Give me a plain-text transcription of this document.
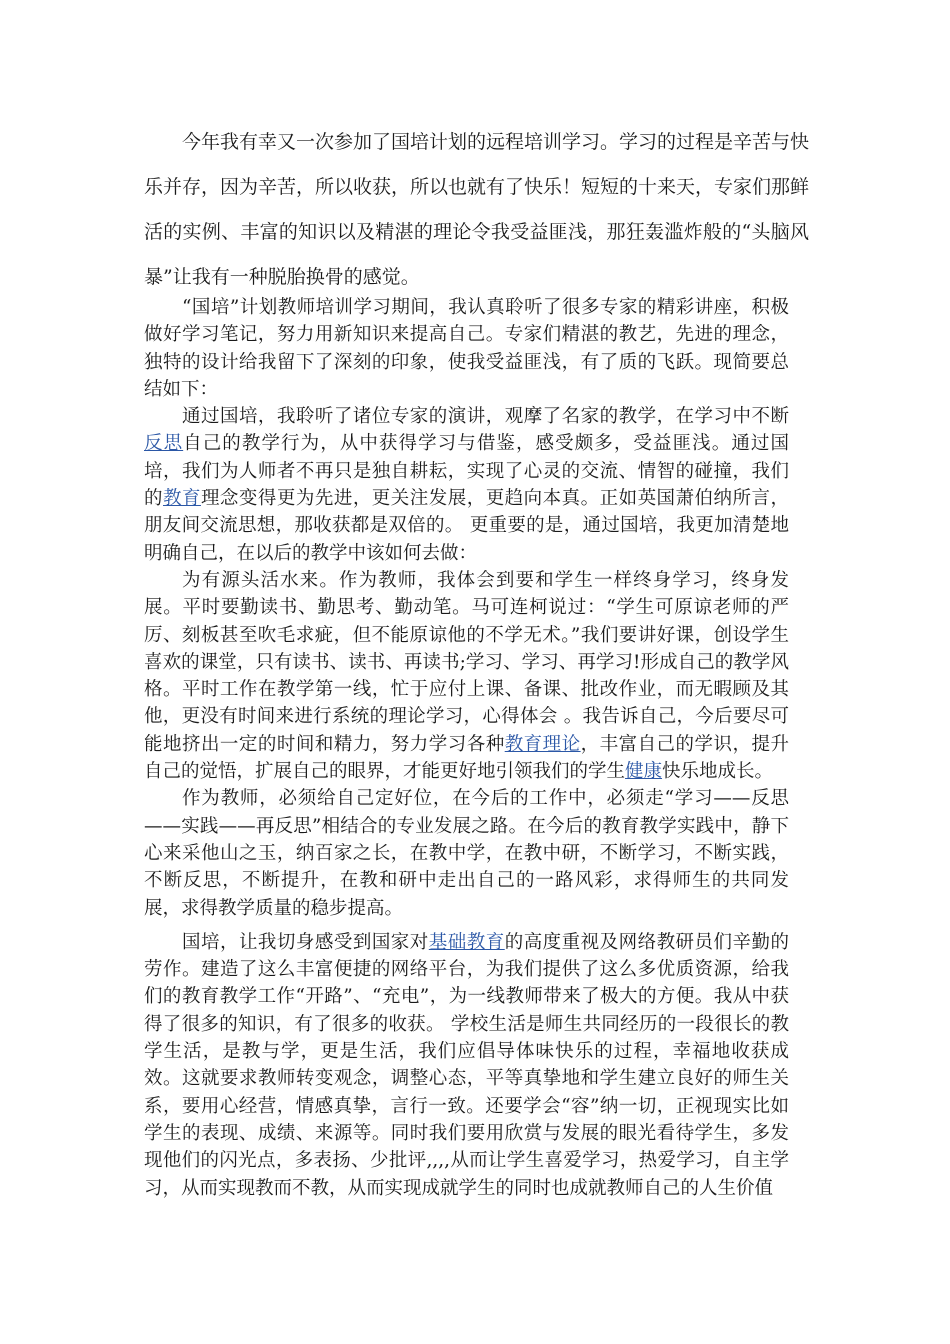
今年我有幸又一次参加了国培计划的远程培训学习。学习的过程是辛苦与快乐并存，因为辛苦，所以收获，所以也就有了快乐！短短的十来天，专家们那鲜活的实例、丰富的知识以及精湛的理论令我受益匪浅，那狂轰滥炸般的“头脑风暴”让我有一种脱胎换骨的感觉。

“国培”计划教师培训学习期间，我认真聆听了很多专家的精彩讲座，积极做好学习笔记，努力用新知识来提高自己。专家们精湛的教艺，先进的理念，独特的设计给我留下了深刻的印象，使我受益匪浅，有了质的飞跃。现简要总结如下：

通过国培，我聆听了诸位专家的演讲，观摩了名家的教学，在学习中不断反思自己的教学行为，从中获得学习与借鉴，感受颇多，受益匪浅。通过国培，我们为人师者不再只是独自耕耘，实现了心灵的交流、情智的碰撞，我们的教育理念变得更为先进，更关注发展，更趋向本真。正如英国萧伯纳所言，朋友间交流思想，那收获都是双倍的。 更重要的是，通过国培，我更加清楚地明确自己，在以后的教学中该如何去做：

为有源头活水来。作为教师，我体会到要和学生一样终身学习，终身发展。平时要勤读书、勤思考、勤动笔。马可连柯说过：“学生可原谅老师的严厉、刻板甚至吹毛求疵，但不能原谅他的不学无术。”我们要讲好课，创设学生喜欢的课堂，只有读书、读书、再读书;学习、学习、再学习!形成自己的教学风格。平时工作在教学第一线，忙于应付上课、备课、批改作业，而无暇顾及其他，更没有时间来进行系统的理论学习，心得体会 。我告诉自己，今后要尽可能地挤出一定的时间和精力，努力学习各种教育理论，丰富自己的学识，提升自己的觉悟，扩展自己的眼界，才能更好地引领我们的学生健康快乐地成长。

作为教师，必须给自己定好位，在今后的工作中，必须走“学习——反思——实践——再反思”相结合的专业发展之路。在今后的教育教学实践中，静下心来采他山之玉，纳百家之长，在教中学，在教中研，不断学习，不断实践，不断反思，不断提升，在教和研中走出自己的一路风彩，求得师生的共同发展，求得教学质量的稳步提高。

国培，让我切身感受到国家对基础教育的高度重视及网络教研员们辛勤的劳作。建造了这么丰富便捷的网络平台，为我们提供了这么多优质资源，给我们的教育教学工作“开路”、“充电”，为一线教师带来了极大的方便。我从中获得了很多的知识，有了很多的收获。 学校生活是师生共同经历的一段很长的教学生活，是教与学，更是生活，我们应倡导体味快乐的过程，幸福地收获成效。这就要求教师转变观念，调整心态，平等真挚地和学生建立良好的师生关系，要用心经营，情感真挚，言行一致。还要学会“容”纳一切，正视现实比如学生的表现、成绩、来源等。同时我们要用欣赏与发展的眼光看待学生，多发现他们的闪光点，多表扬、少批评,,,,从而让学生喜爱学习，热爱学习，自主学习，从而实现教而不教，从而实现成就学生的同时也成就教师自己的人生价值
